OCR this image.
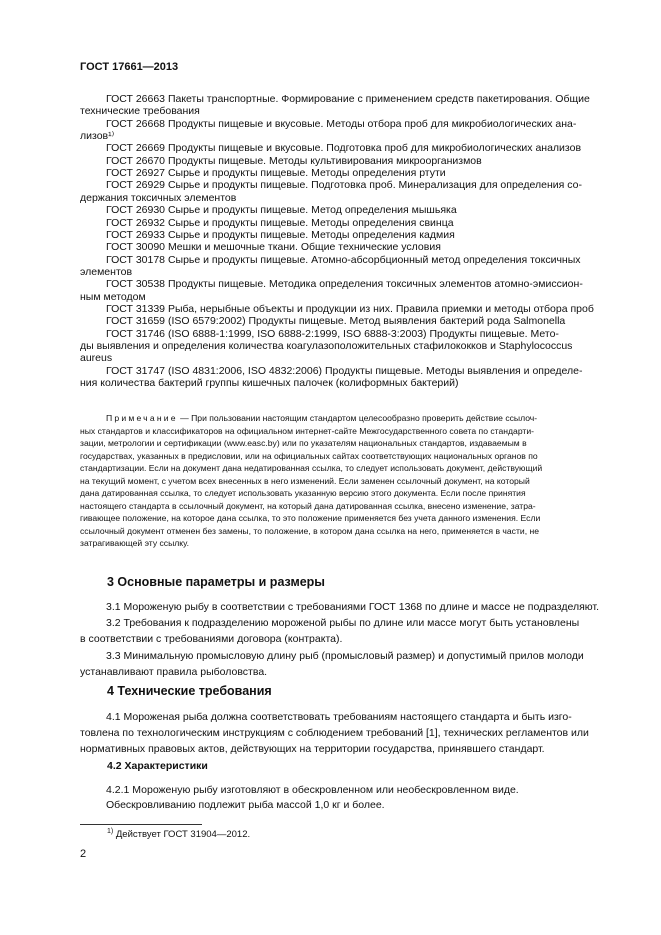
ГОСТ 17661—2013
ГОСТ 26663 Пакеты транспортные. Формирование с применением средств пакетирования. Общие
технические требования
ГОСТ 26668 Продукты пищевые и вкусовые. Методы отбора проб для микробиологических ана-
лизов¹⁾
ГОСТ 26669 Продукты пищевые и вкусовые. Подготовка проб для микробиологических анализов
ГОСТ 26670 Продукты пищевые. Методы культивирования микроорганизмов
ГОСТ 26927 Сырье и продукты пищевые. Методы определения ртути
ГОСТ 26929 Сырье и продукты пищевые. Подготовка проб. Минерализация для определения со-
держания токсичных элементов
ГОСТ 26930 Сырье и продукты пищевые. Метод определения мышьяка
ГОСТ 26932 Сырье и продукты пищевые. Методы определения свинца
ГОСТ 26933 Сырье и продукты пищевые. Методы определения кадмия
ГОСТ 30090 Мешки и мешочные ткани. Общие технические условия
ГОСТ 30178 Сырье и продукты пищевые. Атомно-абсорбционный метод определения токсичных
элементов
ГОСТ 30538 Продукты пищевые. Методика определения токсичных элементов атомно-эмиссион-
ным методом
ГОСТ 31339 Рыба, нерыбные объекты и продукции из них. Правила приемки и методы отбора проб
ГОСТ 31659 (ISO 6579:2002) Продукты пищевые. Метод выявления бактерий рода Salmonella
ГОСТ 31746 (ISO 6888-1:1999, ISO 6888-2:1999, ISO 6888-3:2003) Продукты пищевые. Мето-
ды выявления и определения количества коагулазоположительных стафилококков и Staphylococcus
aureus
ГОСТ 31747 (ISO 4831:2006, ISO 4832:2006) Продукты пищевые. Методы выявления и определе-
ния количества бактерий группы кишечных палочек (колиформных бактерий)
Примечание — При пользовании настоящим стандартом целесообразно проверить действие ссылоч-
ных стандартов и классификаторов на официальном интернет-сайте Межгосударственного совета по стандарти-
зации, метрологии и сертификации (www.easc.by) или по указателям национальных стандартов, издаваемым в
государствах, указанных в предисловии, или на официальных сайтах соответствующих национальных органов по
стандартизации. Если на документ дана недатированная ссылка, то следует использовать документ, действующий
на текущий момент, с учетом всех внесенных в него изменений. Если заменен ссылочный документ, на который
дана датированная ссылка, то следует использовать указанную версию этого документа. Если после принятия
настоящего стандарта в ссылочный документ, на который дана датированная ссылка, внесено изменение, затра-
гивающее положение, на которое дана ссылка, то это положение применяется без учета данного изменения. Если
ссылочный документ отменен без замены, то положение, в котором дана ссылка на него, применяется в части, не
затрагивающей эту ссылку.
3 Основные параметры и размеры
3.1 Мороженую рыбу в соответствии с требованиями ГОСТ 1368 по длине и массе не подразделяют.
3.2 Требования к подразделению мороженой рыбы по длине или массе могут быть установлены
в соответствии с требованиями договора (контракта).
3.3 Минимальную промысловую длину рыб (промысловый размер) и допустимый прилов молоди
устанавливают правила рыболовства.
4 Технические требования
4.1 Мороженая рыба должна соответствовать требованиям настоящего стандарта и быть изго-
товлена по технологическим инструкциям с соблюдением требований [1], технических регламентов или
нормативных правовых актов, действующих на территории государства, принявшего стандарт.
4.2 Характеристики
4.2.1 Мороженую рыбу изготовляют в обескровленном или необескровленном виде.
Обескровливанию подлежит рыба массой 1,0 кг и более.
$^{1)}$ Действует ГОСТ 31904—2012.
2
